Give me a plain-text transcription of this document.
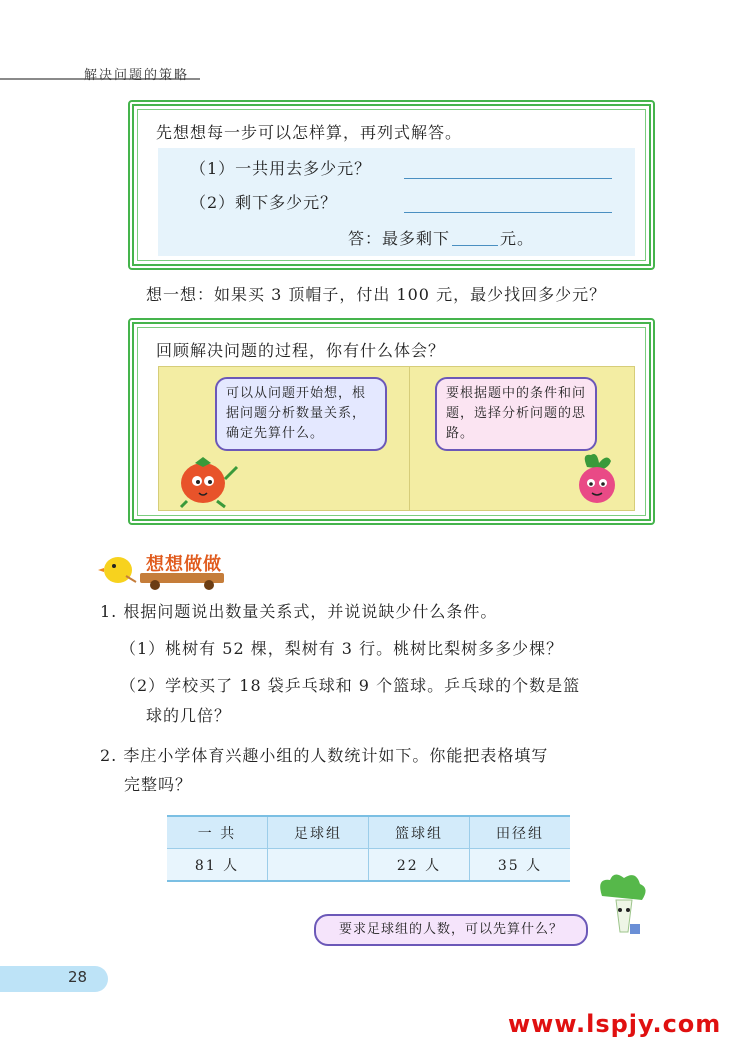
解决问题的策略
先想想每一步可以怎样算，再列式解答。
（1）一共用去多少元？
（2）剩下多少元？
答：最多剩下	元。
想一想：如果买 3 顶帽子，付出 100 元，最少找回多少元？
回顾解决问题的过程，你有什么体会？
可以从问题开始想，根据问题分析数量关系，确定先算什么。
要根据题中的条件和问题，选择分析问题的思路。
想想做做
1. 根据问题说出数量关系式，并说说缺少什么条件。
（1）桃树有 52 棵，梨树有 3 行。桃树比梨树多多少棵？
（2）学校买了 18 袋乒乓球和 9 个篮球。乒乓球的个数是篮
球的几倍？
2. 李庄小学体育兴趣小组的人数统计如下。你能把表格填写
完整吗？
一 共	足球组	篮球组	田径组
81 人		22 人	35 人
要求足球组的人数，可以先算什么？
28
www.lspjy.com
